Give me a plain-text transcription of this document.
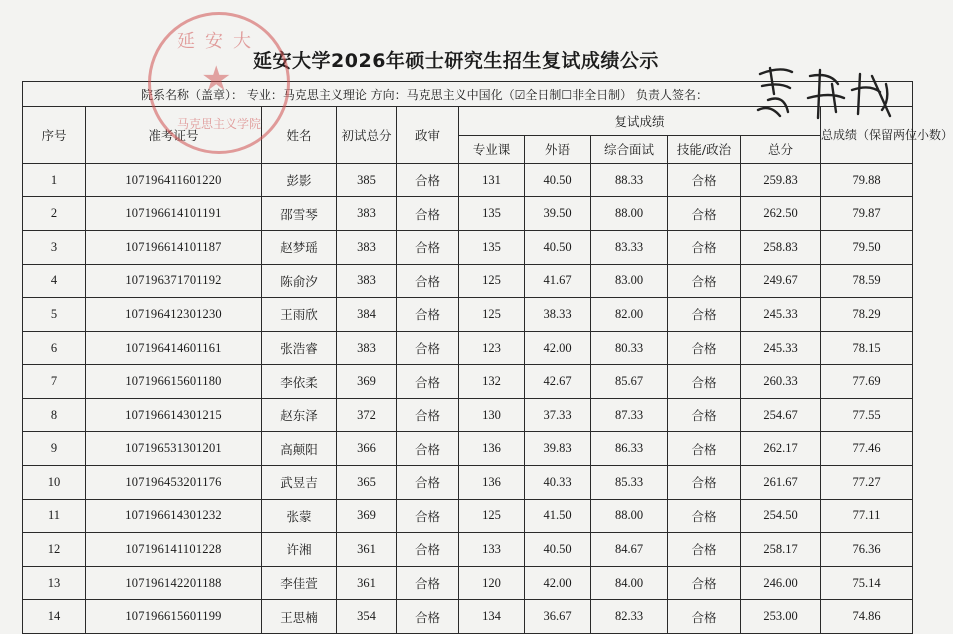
延安大学2026年硕士研究生招生复试成绩公示
院系名称（盖章）： 专业：马克思主义理论 方向：马克思主义中国化（☑全日制☐非全日制） 负责人签名：										
序号	准考证号	姓名	初试总分	政审	复试成绩					总成绩（保留两位小数）
					专业课	外语	综合面试	技能/政治	总分	
1	107196411601220	彭影	385	合格	131	40.50	88.33	合格	259.83	79.88
2	107196614101191	邵雪琴	383	合格	135	39.50	88.00	合格	262.50	79.87
3	107196614101187	赵梦瑶	383	合格	135	40.50	83.33	合格	258.83	79.50
4	107196371701192	陈俞汐	383	合格	125	41.67	83.00	合格	249.67	78.59
5	107196412301230	王雨欣	384	合格	125	38.33	82.00	合格	245.33	78.29
6	107196414601161	张浩睿	383	合格	123	42.00	80.33	合格	245.33	78.15
7	107196615601180	李依柔	369	合格	132	42.67	85.67	合格	260.33	77.69
8	107196614301215	赵东泽	372	合格	130	37.33	87.33	合格	254.67	77.55
9	107196531301201	高颠阳	366	合格	136	39.83	86.33	合格	262.17	77.46
10	107196453201176	武昱吉	365	合格	136	40.33	85.33	合格	261.67	77.27
11	107196614301232	张蒙	369	合格	125	41.50	88.00	合格	254.50	77.11
12	107196141101228	许湘	361	合格	133	40.50	84.67	合格	258.17	76.36
13	107196142201188	李佳萱	361	合格	120	42.00	84.00	合格	246.00	75.14
14	107196615601199	王思楠	354	合格	134	36.67	82.33	合格	253.00	74.86
延安大
★
马克思主义学院
